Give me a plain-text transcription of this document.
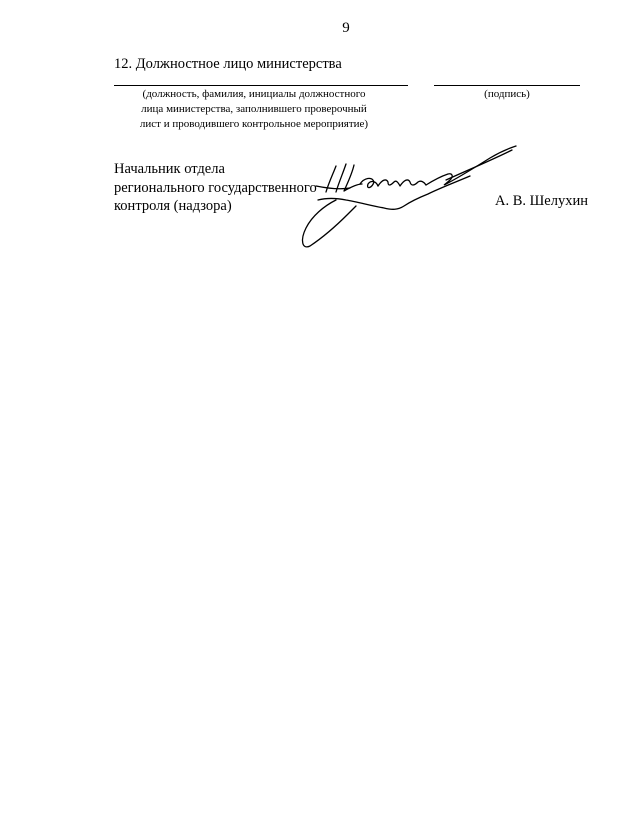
9
12. Должностное лицо министерства
(должность, фамилия, инициалы должностного
лица министерства, заполнившего проверочный
лист и проводившего контрольное мероприятие)
(подпись)
Начальник отдела
регионального государственного
контроля (надзора)	А. В. Шелухин
